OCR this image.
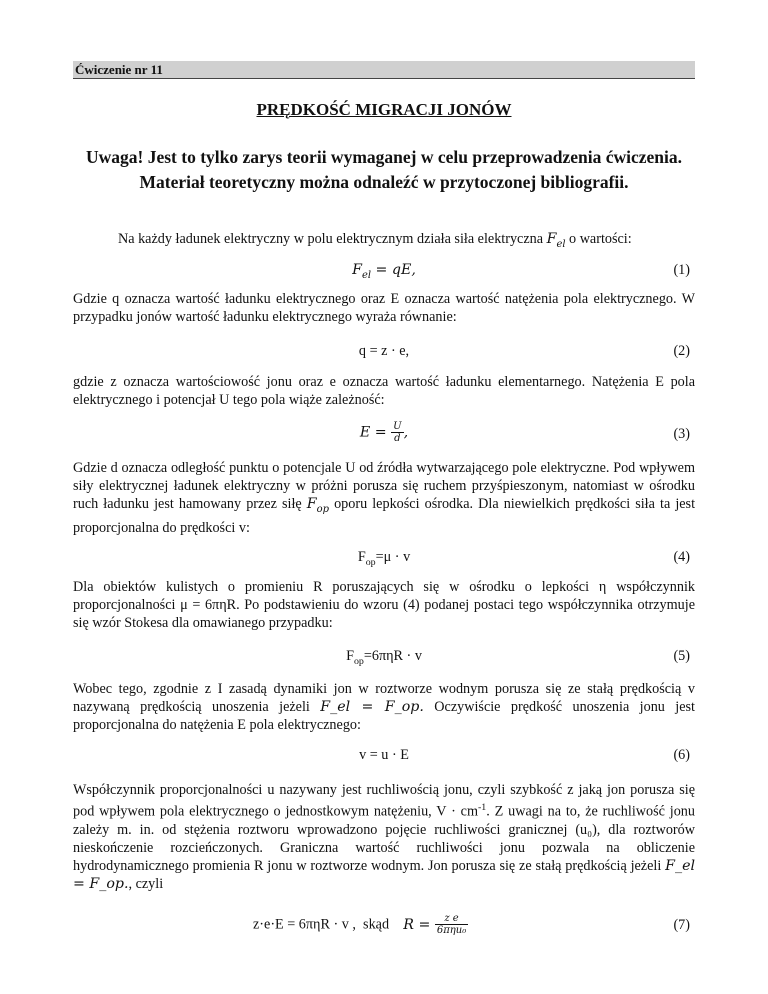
Ćwiczenie nr 11
PRĘDKOŚĆ MIGRACJI JONÓW
Uwaga! Jest to tylko zarys teorii wymaganej w celu przeprowadzenia ćwiczenia. Materiał teoretyczny można odnaleźć w przytoczonej bibliografii.
Na każdy ładunek elektryczny w polu elektrycznym działa siła elektryczna $F_{el}$ o wartości:
$F_{el}$ = qE,	(1)
Gdzie q oznacza wartość ładunku elektrycznego oraz E oznacza wartość natężenia pola elektrycznego. W przypadku jonów wartość ładunku elektrycznego wyraża równanie:
q = z · e,	(2)
gdzie z oznacza wartościowość jonu oraz e oznacza wartość ładunku elementarnego. Natężenia E pola elektrycznego i potencjał U tego pola wiąże zależność:
$E = \frac{U}{d}$ ,	(3)
Gdzie d oznacza odległość punktu o potencjale U od źródła wytwarzającego pole elektryczne. Pod wpływem siły elektrycznej ładunek elektryczny w próżni porusza się ruchem przyśpieszonym, natomiast w ośrodku ruch ładunku jest hamowany przez siłę $F_{op}$ oporu lepkości ośrodka. Dla niewielkich prędkości siła ta jest proporcjonalna do prędkości v:
$F_{op}=\mu \cdot v$	(4)
Dla obiektów kulistych o promieniu R poruszających się w ośrodku o lepkości η współczynnik proporcjonalności μ = 6πηR. Po podstawieniu do wzoru (4) podanej postaci tego współczynnika otrzymuje się wzór Stokesa dla omawianego przypadku:
$F_{op}=6\pi\eta R \cdot v$	(5)
Wobec tego, zgodnie z I zasadą dynamiki jon w roztworze wodnym porusza się ze stałą prędkością v nazywaną prędkością unoszenia jeżeli F_el = F_op. Oczywiście prędkość unoszenia jonu jest proporcjonalna do natężenia E pola elektrycznego:
v = u · E	(6)
Współczynnik proporcjonalności u nazywany jest ruchliwością jonu, czyli szybkość z jaką jon porusza się pod wpływem pola elektrycznego o jednostkowym natężeniu, $V \cdot cm^{-1}$. Z uwagi na to, że ruchliwość jonu zależy m. in. od stężenia roztworu wprowadzono pojęcie ruchliwości granicznej (u₀), dla roztworów nieskończenie rozcieńczonych. Graniczna wartość ruchliwości jonu pozwala na obliczenie hydrodynamicznego promienia R jonu w roztworze wodnym. Jon porusza się ze stałą prędkością jeżeli F_el = F_op., czyli
z·e·E = 6πηR · v , skąd $R = \frac{\text{z e}}{\text{6πηu₀}}$	(7)
